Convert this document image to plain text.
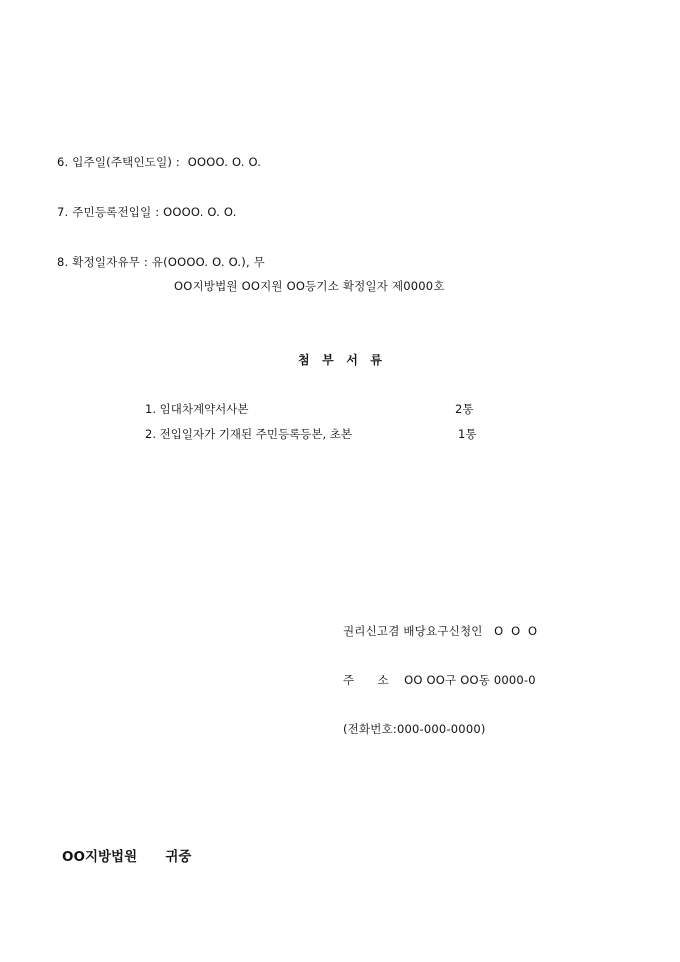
6. 입주일(주택인도일) :  OOOO. O. O.
7. 주민등록전입일 : OOOO. O. O.
8. 확정일자유무 : 유(OOOO. O. O.), 무
OO지방법원 OO지원 OO등기소 확정일자 제0000호
첨   부   서   류
1. 임대차계약서사본	2통
2. 전입일자가 기재된 주민등록등본, 초본	1통
권리신고겸 배당요구신청인   O  O  O
주      소    OO OO구 OO동 0000-0
(전화번호:000-000-0000)
OO지방법원      귀중
